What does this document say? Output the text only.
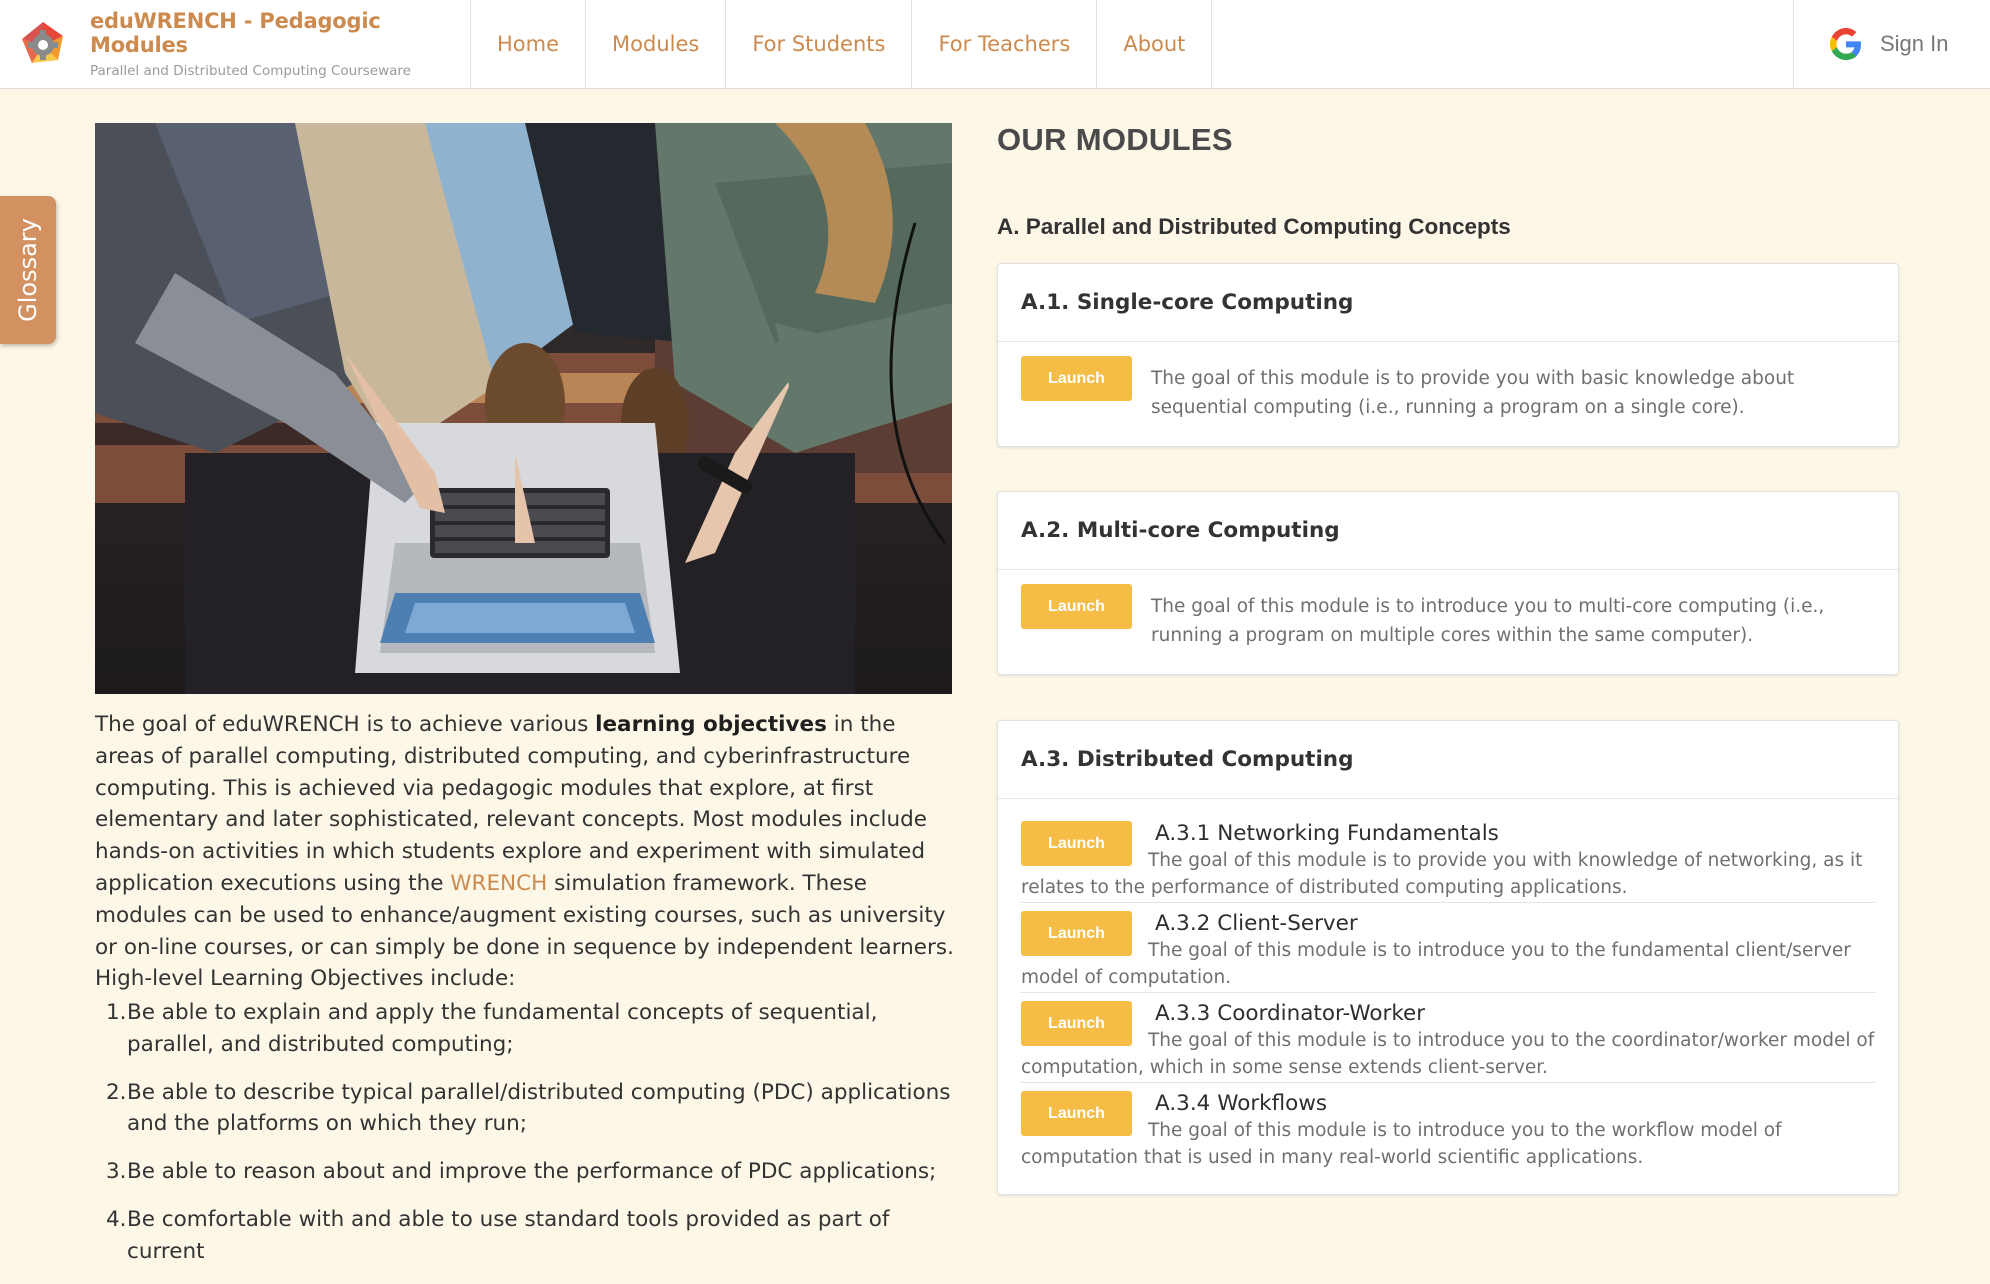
eduWRENCH - Pedagogic Modules
Parallel and Distributed Computing Courseware
Home	Modules	For Students	For Teachers	About	Sign In
Glossary
The goal of eduWRENCH is to achieve various learning objectives in the areas of parallel computing, distributed computing, and cyberinfrastructure computing. This is achieved via pedagogic modules that explore, at first elementary and later sophisticated, relevant concepts. Most modules include hands-on activities in which students explore and experiment with simulated application executions using the WRENCH simulation framework. These modules can be used to enhance/augment existing courses, such as university or on-line courses, or can simply be done in sequence by independent learners. High-level Learning Objectives include:
1. Be able to explain and apply the fundamental concepts of sequential, parallel, and distributed computing;
2. Be able to describe typical parallel/distributed computing (PDC) applications and the platforms on which they run;
3. Be able to reason about and improve the performance of PDC applications;
4. Be comfortable with and able to use standard tools provided as part of current
OUR MODULES
A. Parallel and Distributed Computing Concepts
A.1. Single-core Computing
Launch	The goal of this module is to provide you with basic knowledge about sequential computing (i.e., running a program on a single core).
A.2. Multi-core Computing
Launch	The goal of this module is to introduce you to multi-core computing (i.e., running a program on multiple cores within the same computer).
A.3. Distributed Computing
Launch	A.3.1 Networking Fundamentals
The goal of this module is to provide you with knowledge of networking, as it relates to the performance of distributed computing applications.
Launch	A.3.2 Client-Server
The goal of this module is to introduce you to the fundamental client/server model of computation.
Launch	A.3.3 Coordinator-Worker
The goal of this module is to introduce you to the coordinator/worker model of computation, which in some sense extends client-server.
Launch	A.3.4 Workflows
The goal of this module is to introduce you to the workflow model of computation that is used in many real-world scientific applications.
